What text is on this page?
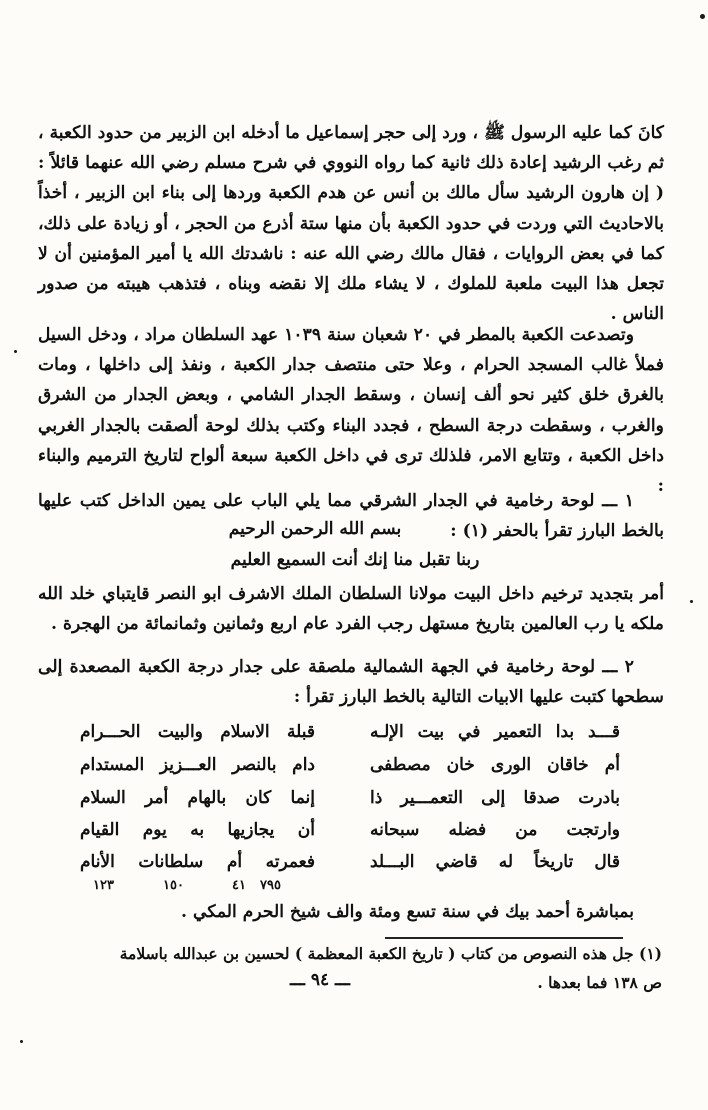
كانَ كما عليه الرسول ﷺ ، ورد إلى حجر إسماعيل ما أدخله ابن الزبير من حدود الكعبة ، ثم رغب الرشيد إعادة ذلك ثانية كما رواه النووي في شرح مسلم رضي الله عنهما قائلاً : ( إن هارون الرشيد سأل مالك بن أنس عن هدم الكعبة وردها إلى بناء ابن الزبير ، أخذاً بالاحاديث التي وردت في حدود الكعبة بأن منها ستة أذرع من الحجر ، أو زيادة على ذلك، كما في بعض الروايات ، فقال مالك رضي الله عنه : ناشدتك الله يا أمير المؤمنين أن لا تجعل هذا البيت ملعبة للملوك ، لا يشاء ملك إلا نقضه وبناه ، فتذهب هيبته من صدور الناس .

وتصدعت الكعبة بالمطر في ٢٠ شعبان سنة ١٠٣٩ عهد السلطان مراد ، ودخل السيل فملأ غالب المسجد الحرام ، وعلا حتى منتصف جدار الكعبة ، ونفذ إلى داخلها ، ومات بالغرق خلق كثير نحو ألف إنسان ، وسقط الجدار الشامي ، وبعض الجدار من الشرق والغرب ، وسقطت درجة السطح ، فجدد البناء وكتب بذلك لوحة ألصقت بالجدار الغربي داخل الكعبة ، وتتابع الامر، فلذلك ترى في داخل الكعبة سبعة ألواح لتاريخ الترميم والبناء :

١ ـــ لوحة رخامية في الجدار الشرقي مما يلي الباب على يمين الداخل كتب عليها بالخط البارز تقرأ بالحفر (١) :

بسم الله الرحمن الرحيم
ربنا تقبل منا إنك أنت السميع العليم

أمر بتجديد ترخيم داخل البيت مولانا السلطان الملك الاشرف ابو النصر قايتباي خلد الله ملكه يا رب العالمين بتاريخ مستهل رجب الفرد عام اربع وثمانين وثمانمائة من الهجرة .

٢ ـــ لوحة رخامية في الجهة الشمالية ملصقة على جدار درجة الكعبة المصعدة إلى سطحها كتبت عليها الابيات التالية بالخط البارز تقرأ :

قـــد بدا التعمير في بيت الإلـه
قبلة الاسلام والبيت الحـــرام
أم خاقان الورى خان مصطفى
دام بالنصر العـــزيز المستدام
بادرت صدقا إلى التعمـــير ذا
إنما كان بالهام أمر السلام
وارتجت من فضله سبحانه
أن يجازيها به يوم القيام
قال تاريخاً له قاضي البـــلد
فعمرته أم سلطانات الأنام
١٢٣	١٥٠	٤١ ٧٩٥

بمباشرة أحمد بيك في سنة تسع ومئة والف شيخ الحرم المكي .

(١) جل هذه النصوص من كتاب ( تاريخ الكعبة المعظمة ) لحسين بن عبدالله باسلامة

ص ١٣٨ فما بعدها .

ـــ ٩٤ ـــ
